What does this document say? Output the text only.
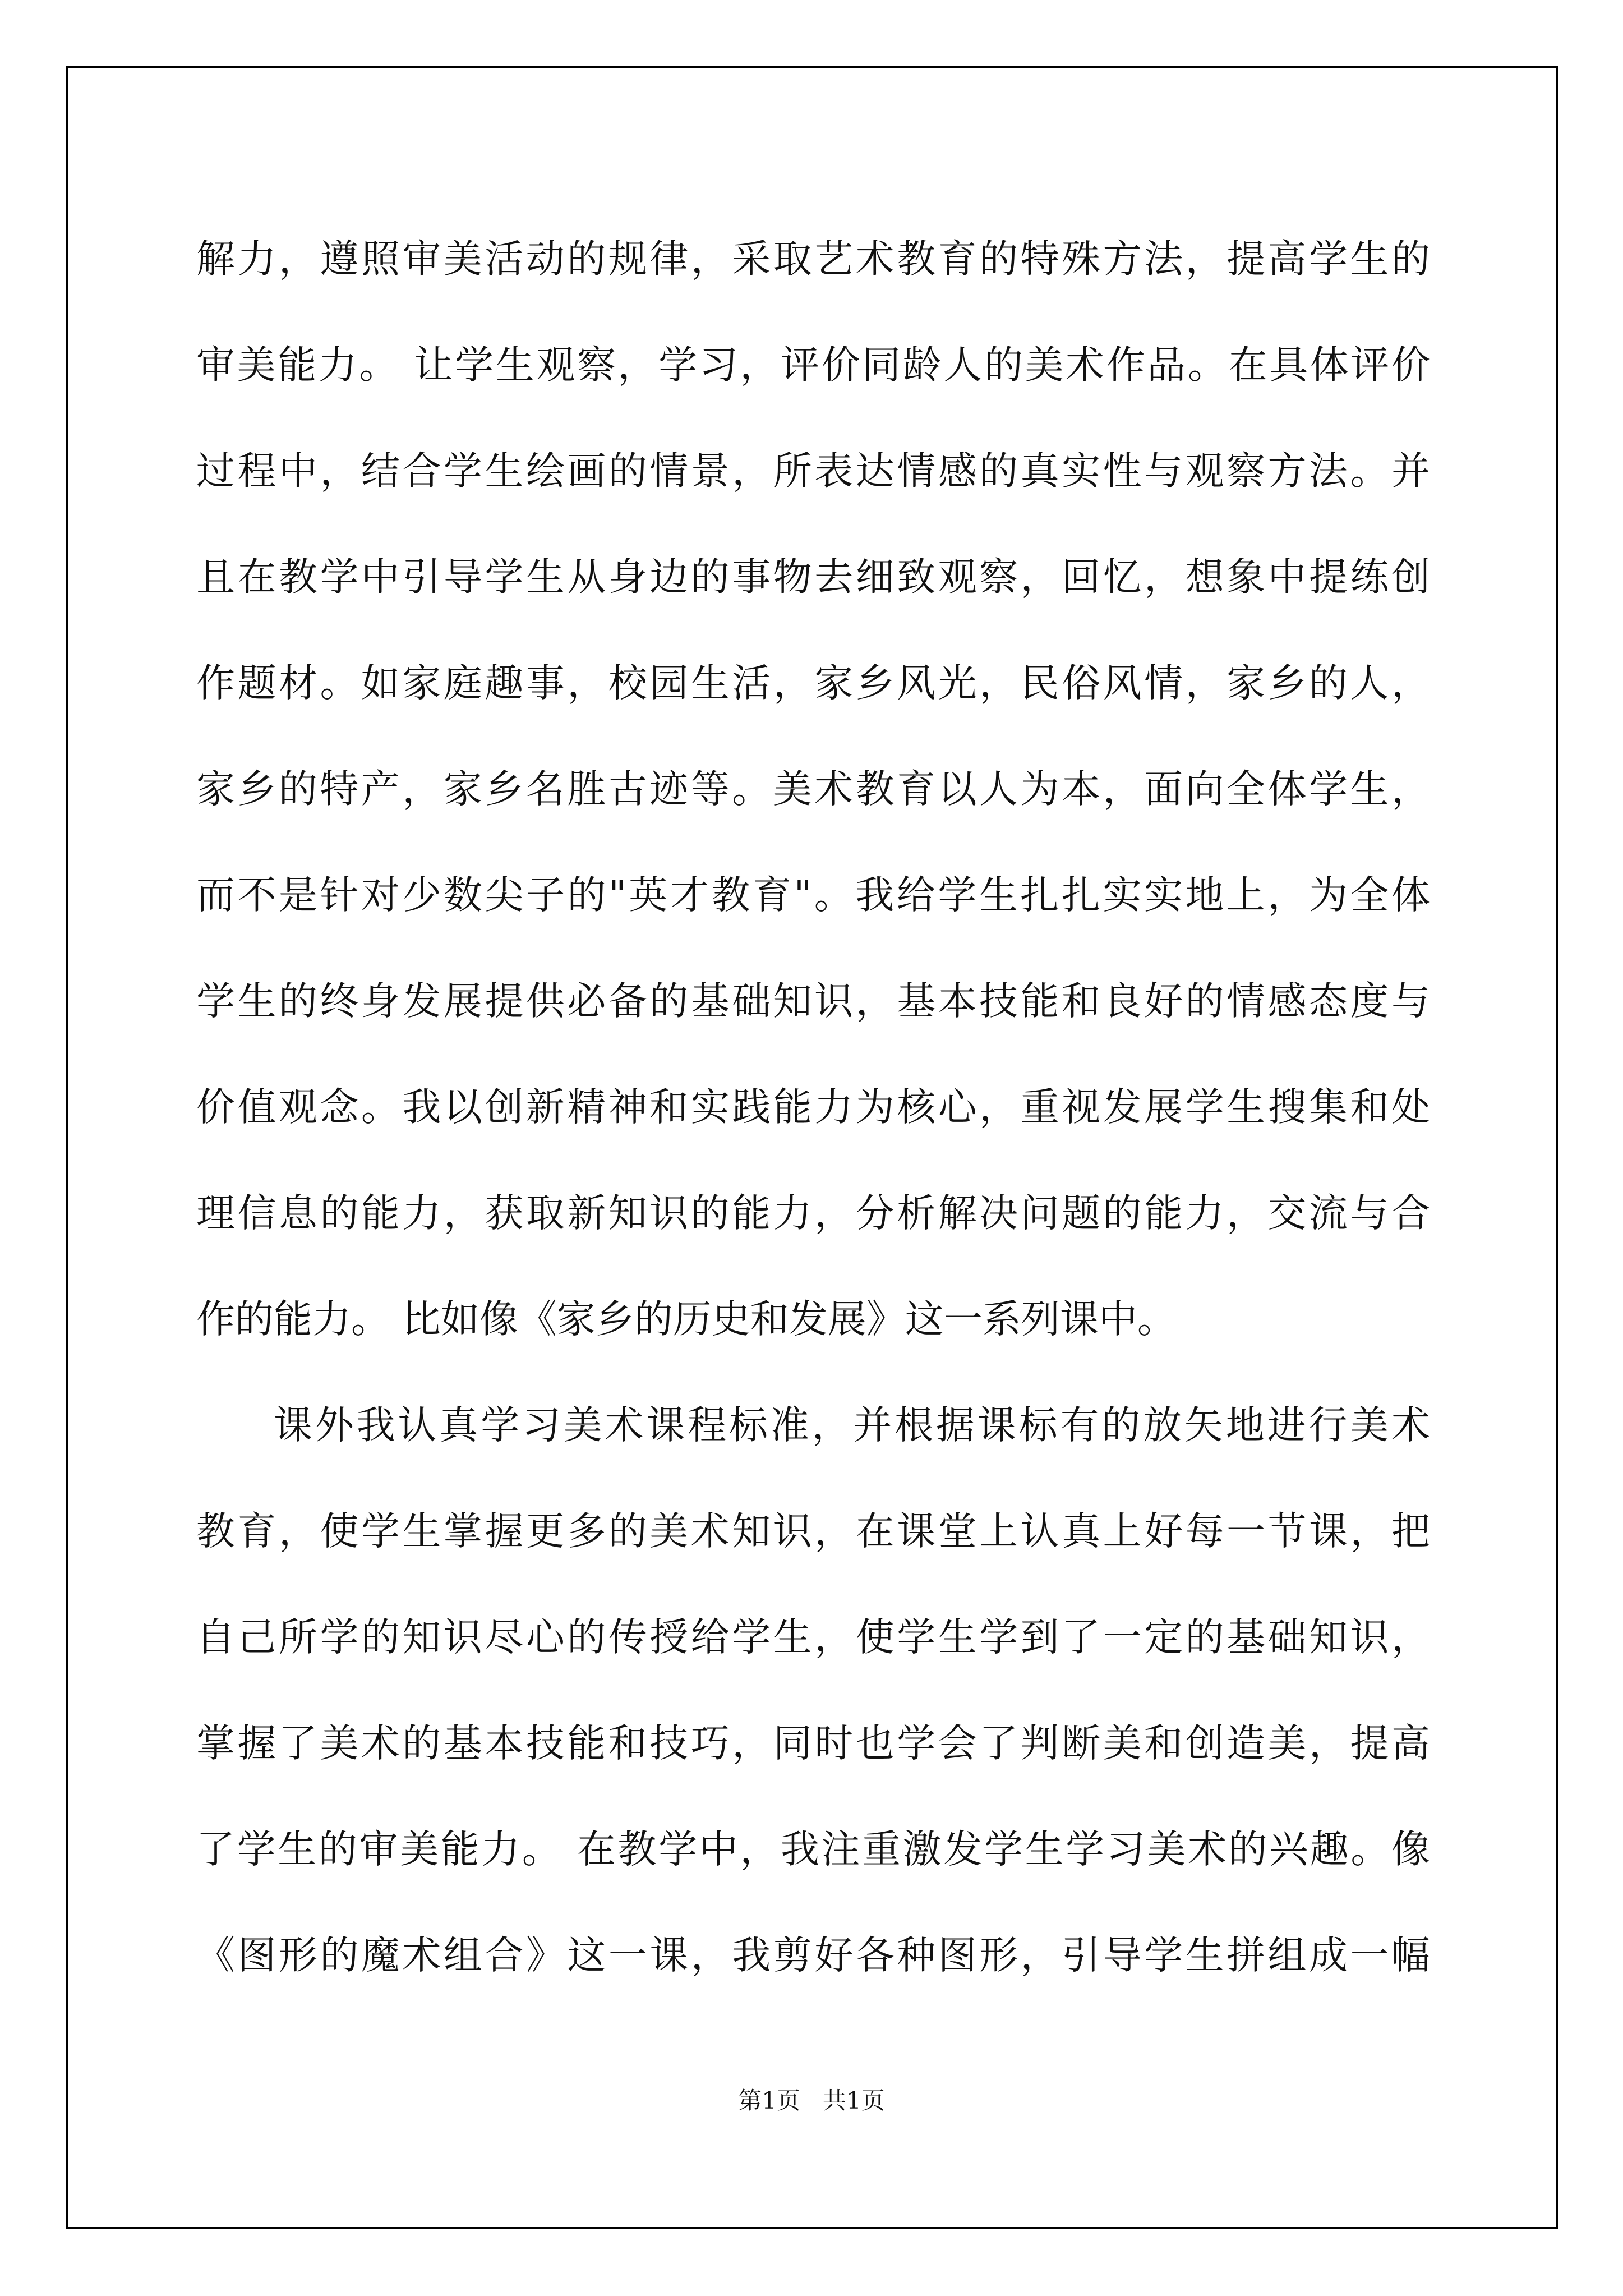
解力，遵照审美活动的规律，采取艺术教育的特殊方法，提高学生的
审美能力。 让学生观察，学习，评价同龄人的美术作品。在具体评价
过程中，结合学生绘画的情景，所表达情感的真实性与观察方法。并
且在教学中引导学生从身边的事物去细致观察，回忆，想象中提练创
作题材。如家庭趣事，校园生活，家乡风光，民俗风情，家乡的人，
家乡的特产，家乡名胜古迹等。美术教育以人为本，面向全体学生，
而不是针对少数尖子的"英才教育"。我给学生扎扎实实地上，为全体
学生的终身发展提供必备的基础知识，基本技能和良好的情感态度与
价值观念。我以创新精神和实践能力为核心，重视发展学生搜集和处
理信息的能力，获取新知识的能力，分析解决问题的能力，交流与合
作的能力。 比如像《家乡的历史和发展》这一系列课中。
课外我认真学习美术课程标准，并根据课标有的放矢地进行美术
教育，使学生掌握更多的美术知识，在课堂上认真上好每一节课，把
自己所学的知识尽心的传授给学生，使学生学到了一定的基础知识，
掌握了美术的基本技能和技巧，同时也学会了判断美和创造美，提高
了学生的审美能力。 在教学中，我注重激发学生学习美术的兴趣。像
《图形的魔术组合》这一课，我剪好各种图形，引导学生拼组成一幅
第1页 共1页
